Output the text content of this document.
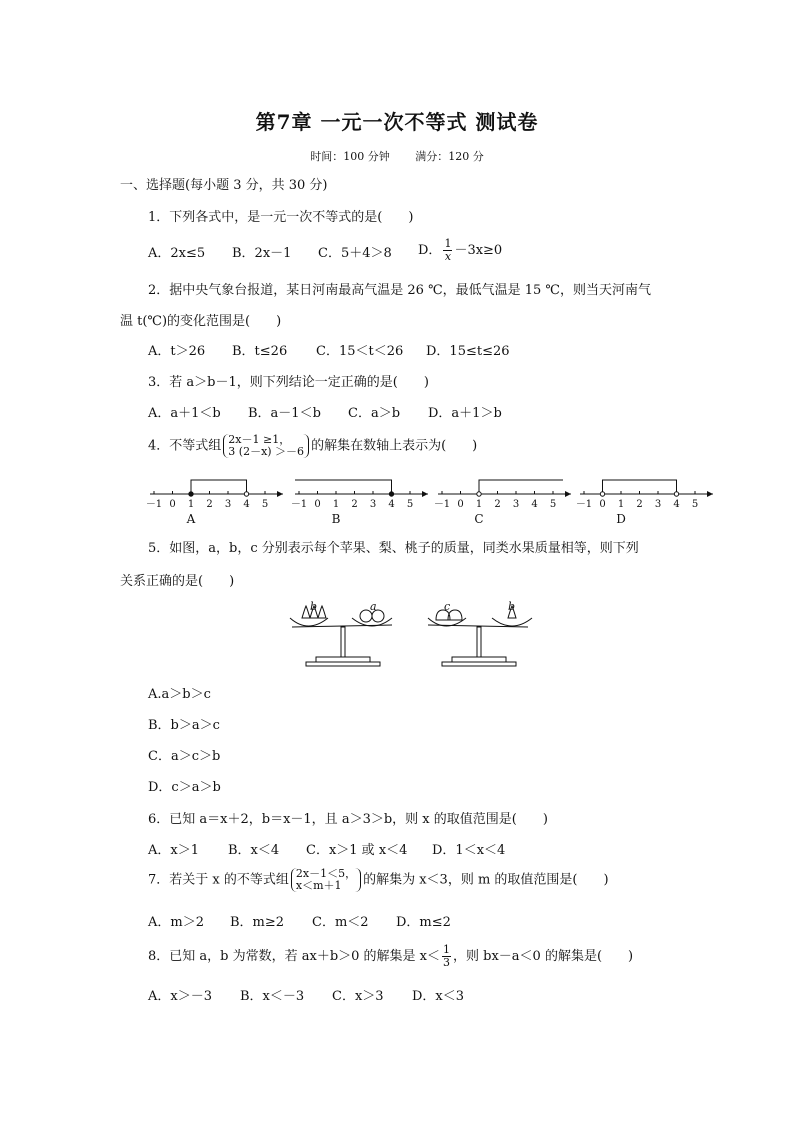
第7章 一元一次不等式 测试卷
时间：100 分钟　　 满分：120 分
一、选择题(每小题 3 分，共 30 分)
1．下列各式中，是一元一次不等式的是(　　)
A．2x≤5 B．2x－1 C．5＋4＞8 D． $\frac{1}{x} -3x\ge 0$
2．据中央气象台报道，某日河南最高气温是 26 ℃，最低气温是 15 ℃，则当天河南气
温 t(℃)的变化范围是(　　)
A．t＞26 B．t≤26 C．15＜t＜26 D．15≤t≤26
3．若 a＞b－1，则下列结论一定正确的是(　　)
A．a＋1＜b B．a－1＜b C．a＞b D．a＋1＞b
4．不等式组 2x－1 ≥1，
3 (2－x) ＞－6 的解集在数轴上表示为(　　)
－1 0 1 2 3 4 5
A
－1 0 1 2 3 4 5
B
－1 0 1 2 3 4 5
C
－1 0 1 2 3 4 5
D
5．如图，a，b，c 分别表示每个苹果、梨、桃子的质量，同类水果质量相等，则下列
关系正确的是(　　)
b	a	c	b
A.a＞b＞c
B．b＞a＞c
C．a＞c＞b
D．c＞a＞b
6．已知 a＝x＋2，b＝x－1，且 a＞3＞b，则 x 的取值范围是(　　)
A．x＞1 B．x＜4 C．x＞1 或 x＜4 D．1＜x＜4
7．若关于 x 的不等式组 2x－1＜5，
x＜m＋1	的解集为 x＜3，则 m 的取值范围是(　　)
A．m＞2 B．m≥2 C．m＜2 D．m≤2
8．已知 a，b 为常数，若 ax＋b＞0 的解集是 $x< \frac{1}{3}$ ，则 bx－a＜0 的解集是(　　)
A．x＞－3 B．x＜－3 C．x＞3 D．x＜3
